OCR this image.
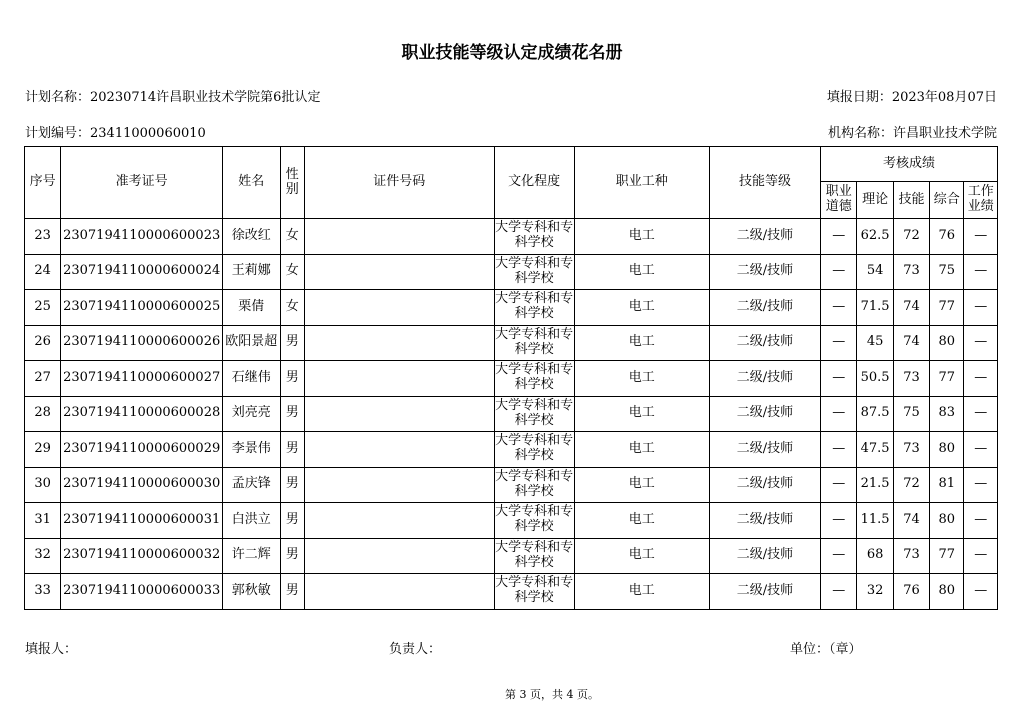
职业技能等级认定成绩花名册
计划名称：20230714许昌职业技术学院第6批认定	填报日期：2023年08月07日
计划编号：23411000060010	机构名称：许昌职业技术学院
序号	准考证号	姓名	性别	证件号码	文化程度	职业工种	技能等级	考核成绩				
								职业道德	理论	技能	综合	工作业绩
23	2307194110000600023	徐改红	女		大学专科和专科学校	电工	二级/技师	—	62.5	72	76	—
24	2307194110000600024	王莉娜	女		大学专科和专科学校	电工	二级/技师	—	54	73	75	—
25	2307194110000600025	栗倩	女		大学专科和专科学校	电工	二级/技师	—	71.5	74	77	—
26	2307194110000600026	欧阳景超	男		大学专科和专科学校	电工	二级/技师	—	45	74	80	—
27	2307194110000600027	石继伟	男		大学专科和专科学校	电工	二级/技师	—	50.5	73	77	—
28	2307194110000600028	刘亮亮	男		大学专科和专科学校	电工	二级/技师	—	87.5	75	83	—
29	2307194110000600029	李景伟	男		大学专科和专科学校	电工	二级/技师	—	47.5	73	80	—
30	2307194110000600030	孟庆锋	男		大学专科和专科学校	电工	二级/技师	—	21.5	72	81	—
31	2307194110000600031	白洪立	男		大学专科和专科学校	电工	二级/技师	—	11.5	74	80	—
32	2307194110000600032	许二辉	男		大学专科和专科学校	电工	二级/技师	—	68	73	77	—
33	2307194110000600033	郭秋敏	男		大学专科和专科学校	电工	二级/技师	—	32	76	80	—
填报人：	负责人：	单位：（章）
第 3 页，共 4 页。
